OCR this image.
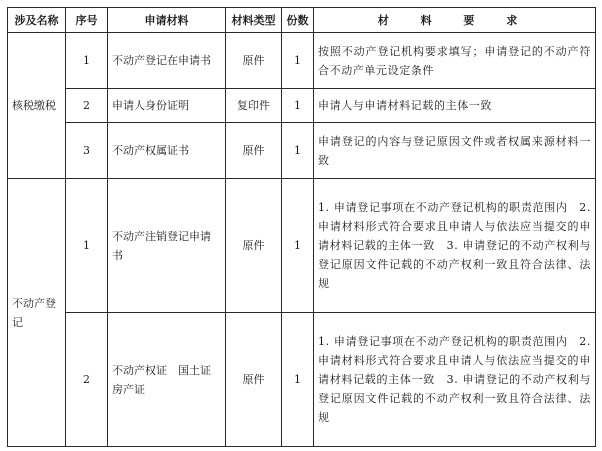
涉及名称	序号	申请材料	材料类型	份数	材 料 要 求
核税缴税	1	不动产登记在申请书	原件	1	按照不动产登记机构要求填写；申请登记的不动产符合不动产单元设定条件
	2	申请人身份证明	复印件	1	申请人与申请材料记载的主体一致
	3	不动产权属证书	原件	1	申请登记的内容与登记原因文件或者权属来源材料一致
不动产登记	1	不动产注销登记申请书	原件	1	1. 申请登记事项在不动产登记机构的职责范围内　2. 申请材料形式符合要求且申请人与依法应当提交的申请材料记载的主体一致　3. 申请登记的不动产权利与登记原因文件记载的不动产权利一致且符合法律、法规
	2	不动产权证　国土证　房产证	原件	1	1. 申请登记事项在不动产登记机构的职责范围内　2. 申请材料形式符合要求且申请人与依法应当提交的申请材料记载的主体一致　3. 申请登记的不动产权利与登记原因文件记载的不动产权利一致且符合法律、法规
